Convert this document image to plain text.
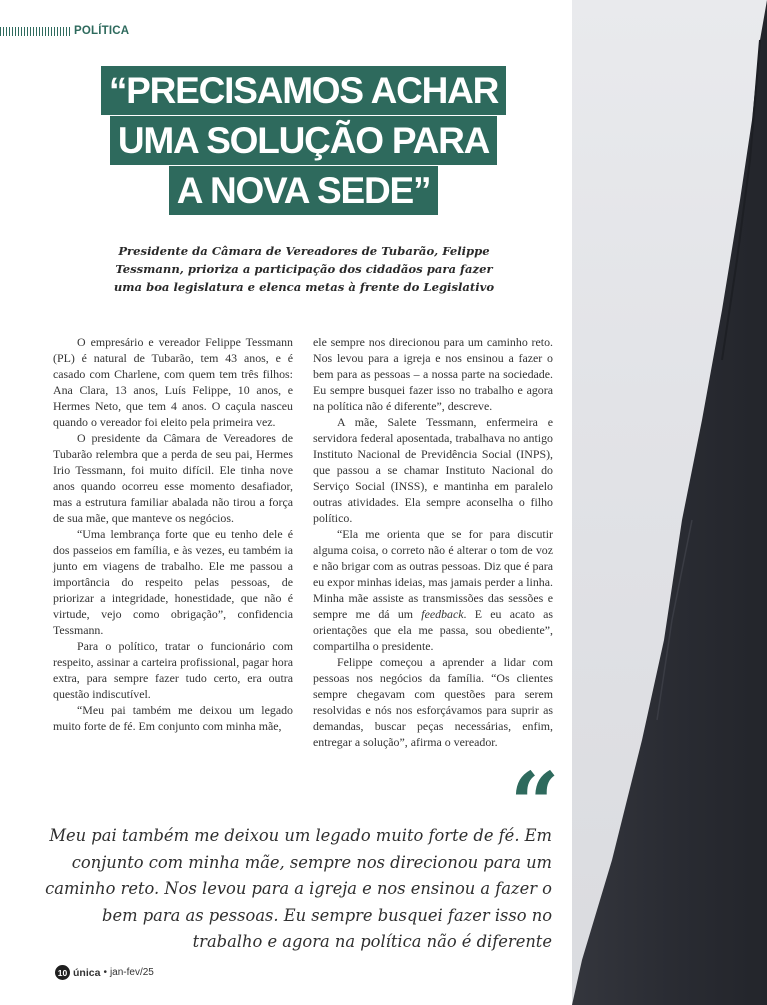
POLÍTICA
“PRECISAMOS ACHAR
UMA SOLUÇÃO PARA
A NOVA SEDE”

Presidente da Câmara de Vereadores de Tubarão, Felippe Tessmann, prioriza a participação dos cidadãos para fazer uma boa legislatura e elenca metas à frente do Legislativo

O empresário e vereador Felippe Tessmann (PL) é natural de Tubarão, tem 43 anos, e é casado com Charlene, com quem tem três filhos: Ana Clara, 13 anos, Luís Felippe, 10 anos, e Hermes Neto, que tem 4 anos. O caçula nasceu quando o vereador foi eleito pela primeira vez.

O presidente da Câmara de Vereadores de Tubarão relembra que a perda de seu pai, Hermes Irio Tessmann, foi muito difícil. Ele tinha nove anos quando ocorreu esse momento desafiador, mas a estrutura familiar abalada não tirou a força de sua mãe, que manteve os negócios.

“Uma lembrança forte que eu tenho dele é dos passeios em família, e às vezes, eu também ia junto em viagens de trabalho. Ele me passou a importância do respeito pelas pessoas, de priorizar a integridade, honestidade, que não é virtude, vejo como obrigação”, confidencia Tessmann.

Para o político, tratar o funcionário com respeito, assinar a carteira profissional, pagar hora extra, para sempre fazer tudo certo, era outra questão indiscutível.

“Meu pai também me deixou um legado muito forte de fé. Em conjunto com minha mãe,

ele sempre nos direcionou para um caminho reto. Nos levou para a igreja e nos ensinou a fazer o bem para as pessoas – a nossa parte na sociedade. Eu sempre busquei fazer isso no trabalho e agora na política não é diferente”, descreve.

A mãe, Salete Tessmann, enfermeira e servidora federal aposentada, trabalhava no antigo Instituto Nacional de Previdência Social (INPS), que passou a se chamar Instituto Nacional do Serviço Social (INSS), e mantinha em paralelo outras atividades. Ela sempre aconselha o filho político.

“Ela me orienta que se for para discutir alguma coisa, o correto não é alterar o tom de voz e não brigar com as outras pessoas. Diz que é para eu expor minhas ideias, mas jamais perder a linha. Minha mãe assiste as transmissões das sessões e sempre me dá um feedback. E eu acato as orientações que ela me passa, sou obediente”, compartilha o presidente.

Felippe começou a aprender a lidar com pessoas nos negócios da família. “Os clientes sempre chegavam com questões para serem resolvidas e nós nos esforçávamos para suprir as demandas, buscar peças necessárias, enfim, entregar a solução”, afirma o vereador.

“
Meu pai também me deixou um legado muito forte de fé. Em conjunto com minha mãe, sempre nos direcionou para um caminho reto. Nos levou para a igreja e nos ensinou a fazer o bem para as pessoas. Eu sempre busquei fazer isso no trabalho e agora na política não é diferente
10 única • jan-fev/25
